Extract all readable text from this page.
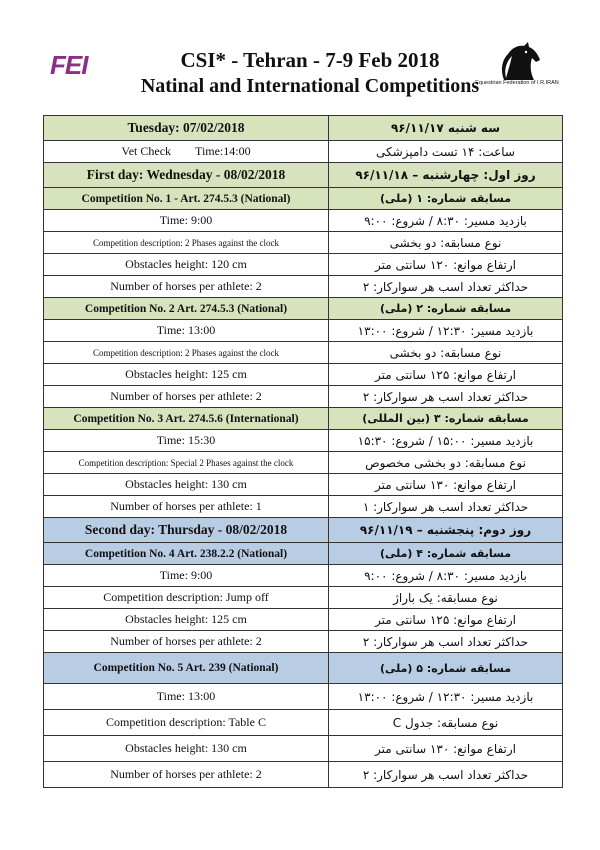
FEI	CSI* - Tehran - 7-9 Feb 2018
Natinal and International Competitions
Equestrian Federation of I.R.IRAN
Tuesday: 07/02/2018	سه شنبه ۹۶/۱۱/۱۷
Vet Check Time:14:00	ساعت: ۱۴ تست دامپزشکی
First day: Wednesday - 08/02/2018	روز اول: چهارشنبه – ۹۶/۱۱/۱۸
Competition No. 1 - Art. 274.5.3 (National)	مسابقه شماره: ۱ (ملی)
Time: 9:00	بازدید مسیر: ۸:۳۰ / شروع: ۹:۰۰
Competition description: 2 Phases against the clock	نوع مسابقه: دو بخشی
Obstacles height: 120 cm	ارتفاع موانع: ۱۲۰ سانتی متر
Number of horses per athlete: 2	حداکثر تعداد اسب هر سوارکار: ۲
Competition No. 2 Art. 274.5.3 (National)	مسابقه شماره: ۲ (ملی)
Time: 13:00	بازدید مسیر: ۱۲:۳۰ / شروع: ۱۳:۰۰
Competition description: 2 Phases against the clock	نوع مسابقه: دو بخشی
Obstacles height: 125 cm	ارتفاع موانع: ۱۲۵ سانتی متر
Number of horses per athlete: 2	حداکثر تعداد اسب هر سوارکار: ۲
Competition No. 3 Art. 274.5.6 (International)	مسابقه شماره: ۳ (بین المللی)
Time: 15:30	بازدید مسیر: ۱۵:۰۰ / شروع: ۱۵:۳۰
Competition description: Special 2 Phases against the clock	نوع مسابقه: دو بخشی مخصوص
Obstacles height: 130 cm	ارتفاع موانع: ۱۳۰ سانتی متر
Number of horses per athlete: 1	حداکثر تعداد اسب هر سوارکار: ۱
Second day: Thursday - 08/02/2018	روز دوم: پنجشنبه – ۹۶/۱۱/۱۹
Competition No. 4 Art. 238.2.2 (National)	مسابقه شماره: ۴ (ملی)
Time: 9:00	بازدید مسیر: ۸:۳۰ / شروع: ۹:۰۰
Competition description: Jump off	نوع مسابقه: یک باراژ
Obstacles height: 125 cm	ارتفاع موانع: ۱۲۵ سانتی متر
Number of horses per athlete: 2	حداکثر تعداد اسب هر سوارکار: ۲
Competition No. 5 Art. 239 (National)	مسابقه شماره: ۵ (ملی)
Time: 13:00	بازدید مسیر: ۱۲:۳۰ / شروع: ۱۳:۰۰
Competition description: Table C	نوع مسابقه: جدول C
Obstacles height: 130 cm	ارتفاع موانع: ۱۳۰ سانتی متر
Number of horses per athlete: 2	حداکثر تعداد اسب هر سوارکار: ۲
